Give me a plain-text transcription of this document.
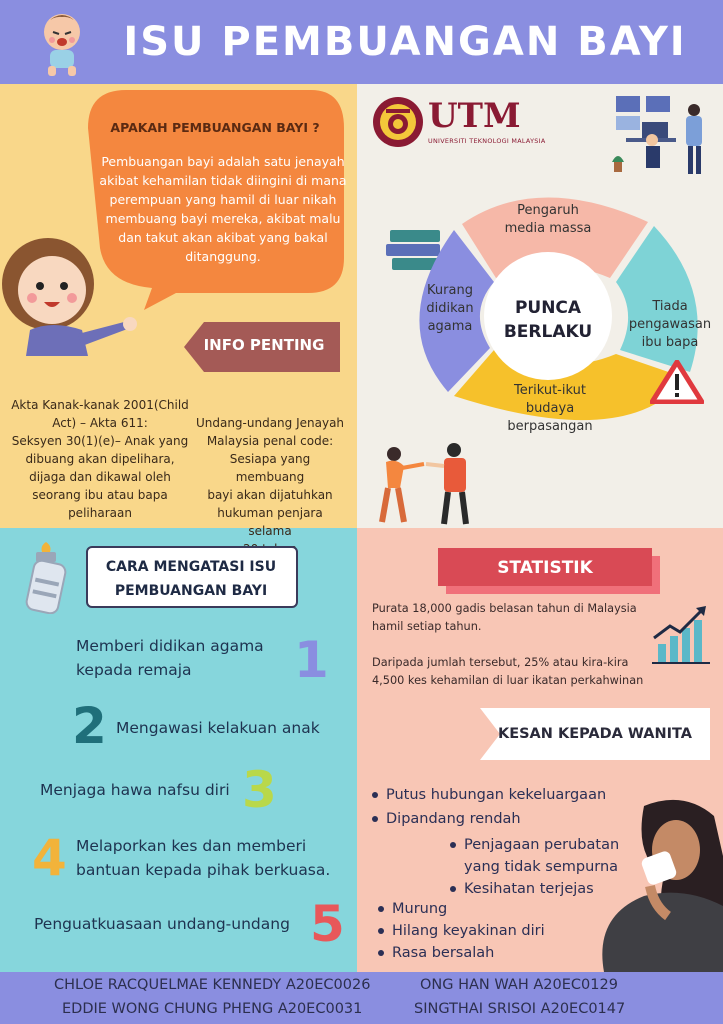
ISU PEMBUANGAN BAYI
APAKAH PEMBUANGAN BAYI ?
Pembuangan bayi adalah satu jenayah
akibat kehamilan tidak diingini di mana
perempuan yang hamil di luar nikah
membuang bayi mereka, akibat malu
dan takut akan akibat yang bakal
ditanggung.
INFO PENTING
Akta Kanak-kanak 2001(Child
Act) – Akta 611:
Seksyen 30(1)(e)– Anak yang
dibuang akan dipelihara,
dijaga dan dikawal oleh
seorang ibu atau bapa
peliharaan
Undang-undang Jenayah
Malaysia penal code:
Sesiapa yang membuang
bayi akan dijatuhkan
hukuman penjara selama
UTM
UNIVERSITI TEKNOLOGI MALAYSIA
Pengaruh
media massa
Tiada
pengawasan
ibu bapa
Terikut-ikut
budaya
berpasangan
Kurang
didikan
agama
PUNCA
BERLAKU
CARA MENGATASI ISU
PEMBUANGAN BAYI
Memberi didikan agama
kepada remaja	1
2 Mengawasi kelakuan anak
Menjaga hawa nafsu diri 3
4 Melaporkan kes dan memberi
bantuan kepada pihak berkuasa.
Penguatkuasaan undang-undang 5
STATISTIK
Purata 18,000 gadis belasan tahun di Malaysia
hamil setiap tahun.
Daripada jumlah tersebut, 25% atau kira-kira
4,500 kes kehamilan di luar ikatan perkahwinan
KESAN KEPADA WANITA
Putus hubungan kekeluargaan
Dipandang rendah
Penjagaan perubatan
yang tidak sempurna
Kesihatan terjejas
Murung
Hilang keyakinan diri
Rasa bersalah
CHLOE RACQUELMAE KENNEDY A20EC0026	ONG HAN WAH A20EC0129
EDDIE WONG CHUNG PHENG A20EC0031	SINGTHAI SRISOI A20EC0147
